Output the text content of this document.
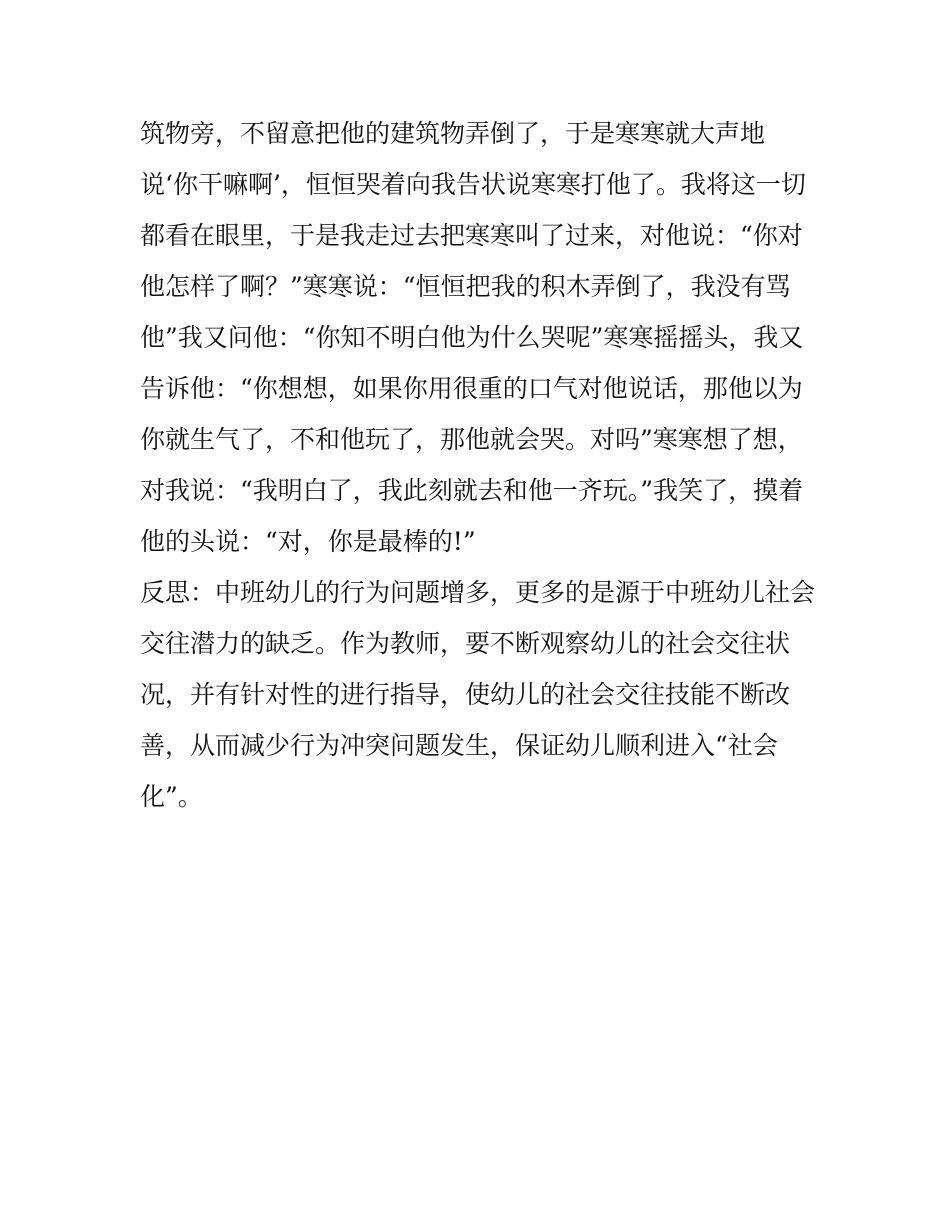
筑物旁，不留意把他的建筑物弄倒了，于是寒寒就大声地
说‘你干嘛啊’，恒恒哭着向我告状说寒寒打他了。我将这一切
都看在眼里，于是我走过去把寒寒叫了过来，对他说：“你对
他怎样了啊？”寒寒说：“恒恒把我的积木弄倒了，我没有骂
他”我又问他：“你知不明白他为什么哭呢”寒寒摇摇头，我又
告诉他：“你想想，如果你用很重的口气对他说话，那他以为
你就生气了，不和他玩了，那他就会哭。对吗”寒寒想了想，
对我说：“我明白了，我此刻就去和他一齐玩。”我笑了，摸着
他的头说：“对，你是最棒的!”
反思：中班幼儿的行为问题增多，更多的是源于中班幼儿社会
交往潜力的缺乏。作为教师，要不断观察幼儿的社会交往状
况，并有针对性的进行指导，使幼儿的社会交往技能不断改
善，从而减少行为冲突问题发生，保证幼儿顺利进入“社会
化”。
